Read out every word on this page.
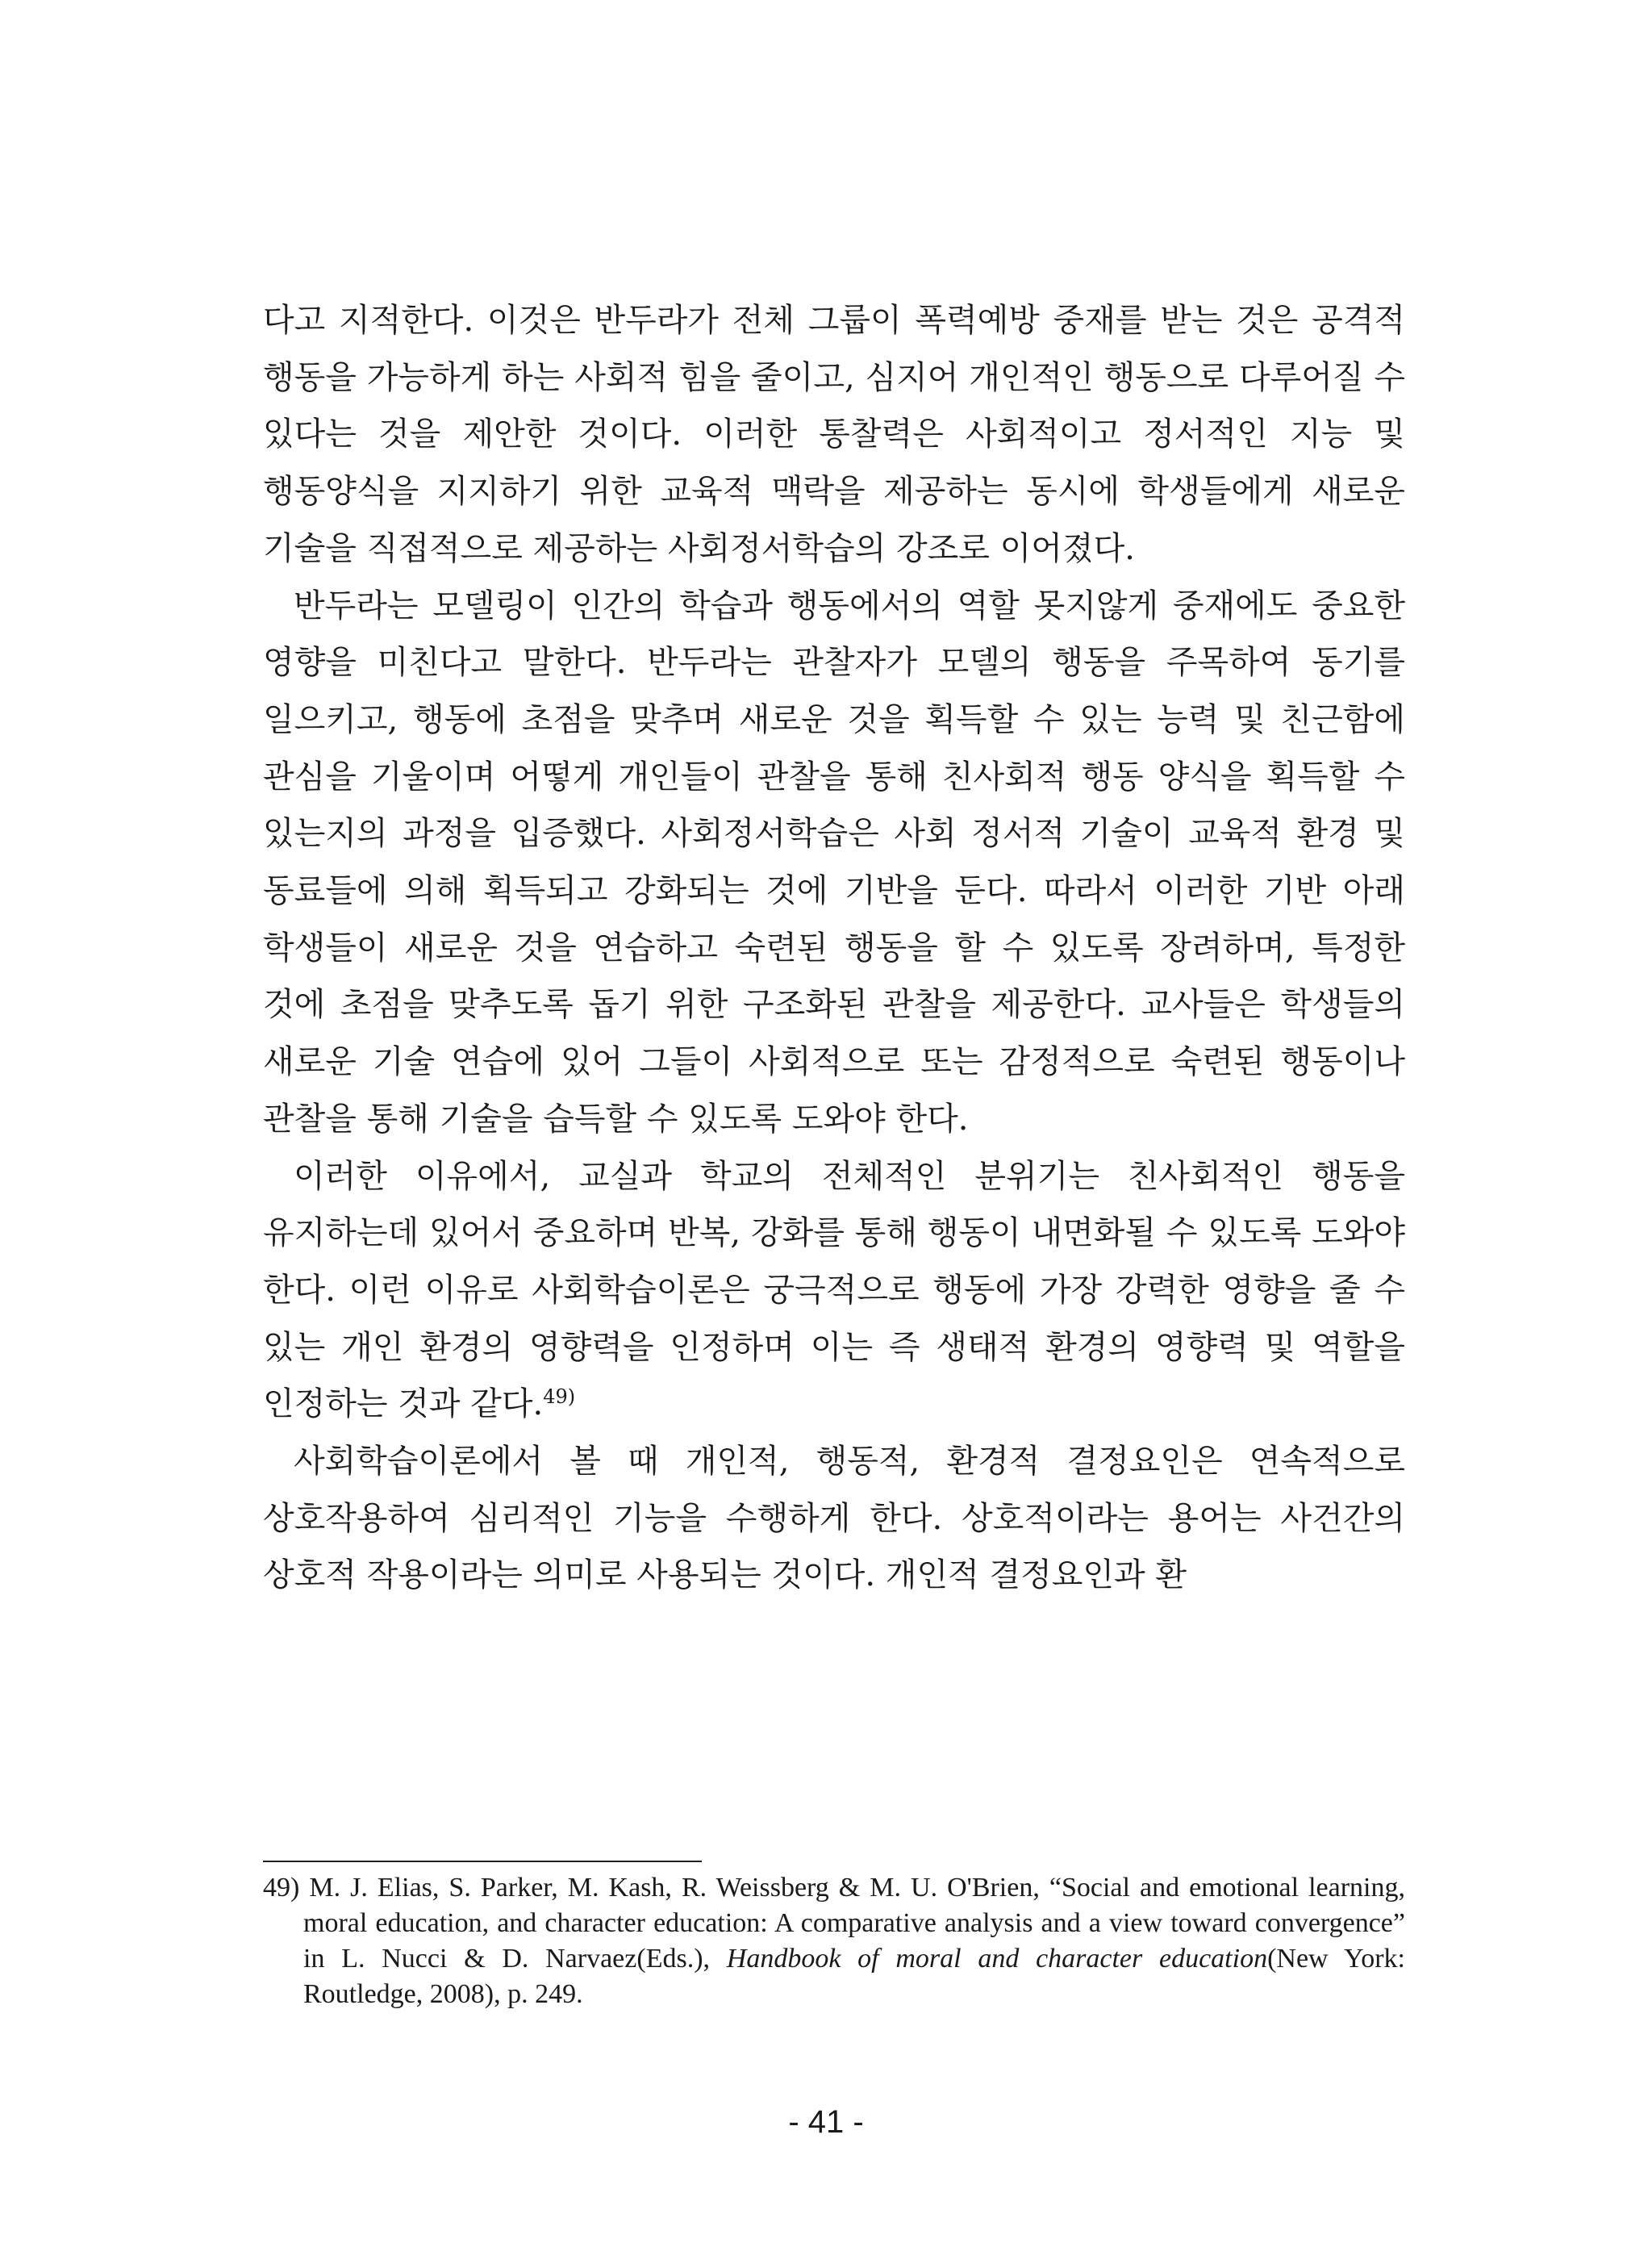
다고 지적한다. 이것은 반두라가 전체 그룹이 폭력예방 중재를 받는 것은 공격적 행동을 가능하게 하는 사회적 힘을 줄이고, 심지어 개인적인 행동으로 다루어질 수 있다는 것을 제안한 것이다. 이러한 통찰력은 사회적이고 정서적인 지능 및 행동양식을 지지하기 위한 교육적 맥락을 제공하는 동시에 학생들에게 새로운 기술을 직접적으로 제공하는 사회정서학습의 강조로 이어졌다.

반두라는 모델링이 인간의 학습과 행동에서의 역할 못지않게 중재에도 중요한 영향을 미친다고 말한다. 반두라는 관찰자가 모델의 행동을 주목하여 동기를 일으키고, 행동에 초점을 맞추며 새로운 것을 획득할 수 있는 능력 및 친근함에 관심을 기울이며 어떻게 개인들이 관찰을 통해 친사회적 행동 양식을 획득할 수 있는지의 과정을 입증했다. 사회정서학습은 사회 정서적 기술이 교육적 환경 및 동료들에 의해 획득되고 강화되는 것에 기반을 둔다. 따라서 이러한 기반 아래 학생들이 새로운 것을 연습하고 숙련된 행동을 할 수 있도록 장려하며, 특정한 것에 초점을 맞추도록 돕기 위한 구조화된 관찰을 제공한다. 교사들은 학생들의 새로운 기술 연습에 있어 그들이 사회적으로 또는 감정적으로 숙련된 행동이나 관찰을 통해 기술을 습득할 수 있도록 도와야 한다.

이러한 이유에서, 교실과 학교의 전체적인 분위기는 친사회적인 행동을 유지하는데 있어서 중요하며 반복, 강화를 통해 행동이 내면화될 수 있도록 도와야 한다. 이런 이유로 사회학습이론은 궁극적으로 행동에 가장 강력한 영향을 줄 수 있는 개인 환경의 영향력을 인정하며 이는 즉 생태적 환경의 영향력 및 역할을 인정하는 것과 같다.$^{49)}$

사회학습이론에서 볼 때 개인적, 행동적, 환경적 결정요인은 연속적으로 상호작용하여 심리적인 기능을 수행하게 한다. 상호적이라는 용어는 사건간의 상호적 작용이라는 의미로 사용되는 것이다. 개인적 결정요인과 환

49) M. J. Elias, S. Parker, M. Kash, R. Weissberg & M. U. O'Brien, “Social and emotional learning, moral education, and character education: A comparative analysis and a view toward convergence” in L. Nucci & D. Narvaez(Eds.), Handbook of moral and character education(New York: Routledge, 2008), p. 249.
- 41 -
